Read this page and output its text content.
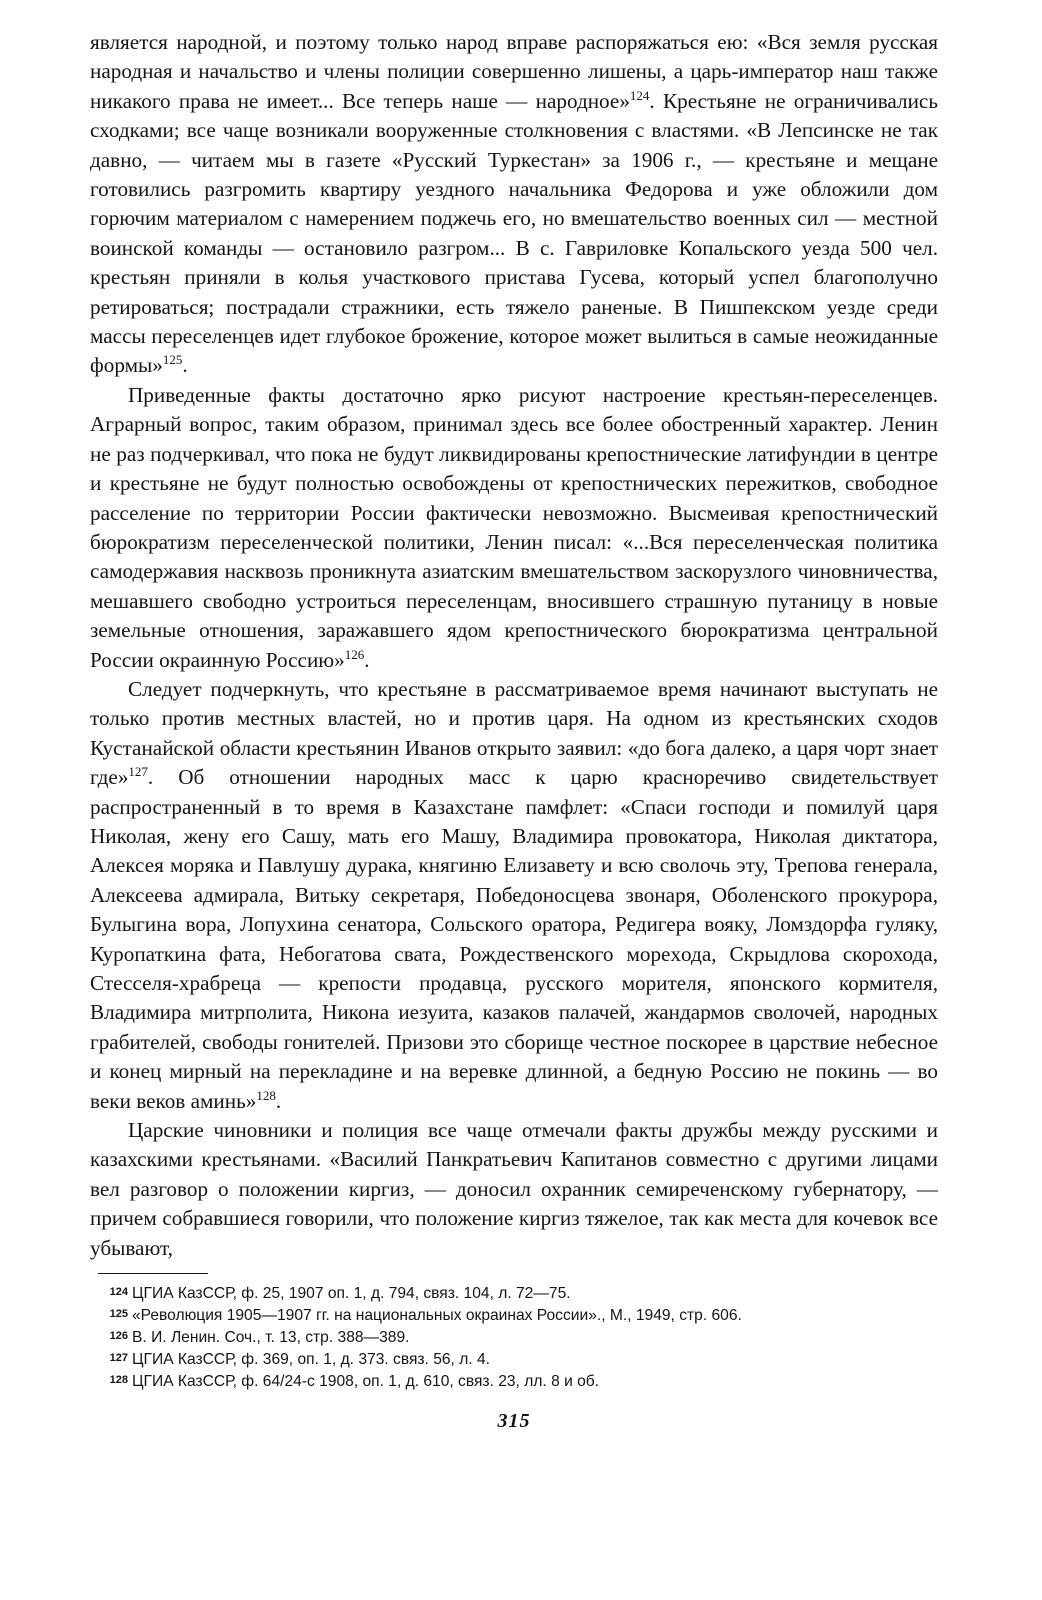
является народной, и поэтому только народ вправе распоряжаться ею: «Вся земля русская народная и начальство и члены полиции совершенно лишены, а царь-император наш также никакого права не имеет... Все теперь наше — народное»$^{124}$. Крестьяне не ограничивались сходками; все чаще возникали вооруженные столкновения с властями. «В Лепсинске не так давно, — читаем мы в газете «Русский Туркестан» за 1906 г., — крестьяне и мещане готовились разгромить квартиру уездного начальника Федорова и уже обложили дом горючим материалом с намерением поджечь его, но вмешательство военных сил — местной воинской команды — остановило разгром... В с. Гавриловке Копальского уезда 500 чел. крестьян приняли в колья участкового пристава Гусева, который успел благополучно ретироваться; пострадали стражники, есть тяжело раненые. В Пишпекском уезде среди массы переселенцев идет глубокое брожение, которое может вылиться в самые неожиданные формы»$^{125}$.

Приведенные факты достаточно ярко рисуют настроение крестьян-переселенцев. Аграрный вопрос, таким образом, принимал здесь все более обостренный характер. Ленин не раз подчеркивал, что пока не будут ликвидированы крепостнические латифундии в центре и крестьяне не будут полностью освобождены от крепостнических пережитков, свободное расселение по территории России фактически невозможно. Высмеивая крепостнический бюрократизм переселенческой политики, Ленин писал: «...Вся переселенческая политика самодержавия насквозь проникнута азиатским вмешательством заскорузлого чиновничества, мешавшего свободно устроиться переселенцам, вносившего страшную путаницу в новые земельные отношения, заражавшего ядом крепостнического бюрократизма центральной России окраинную Россию»$^{126}$.

Следует подчеркнуть, что крестьяне в рассматриваемое время начинают выступать не только против местных властей, но и против царя. На одном из крестьянских сходов Кустанайской области крестьянин Иванов открыто заявил: «до бога далеко, а царя чорт знает где»$^{127}$. Об отношении народных масс к царю красноречиво свидетельствует распространенный в то время в Казахстане памфлет: «Спаси господи и помилуй царя Николая, жену его Сашу, мать его Машу, Владимира провокатора, Николая диктатора, Алексея моряка и Павлушу дурака, княгиню Елизавету и всю сволочь эту, Трепова генерала, Алексеева адмирала, Витьку секретаря, Победоносцева звонаря, Оболенского прокурора, Булыгина вора, Лопухина сенатора, Сольского оратора, Редигера вояку, Ломздорфа гуляку, Куропаткина фата, Небогатова свата, Рождественского мореxода, Скрыдлова скорохода, Стесселя-храбреца — крепости продавца, русского морителя, японского кормителя, Владимира митрполита, Никона иезуита, казаков палачей, жандармов сволочей, народных грабителей, свободы гонителей. Призови это сборище честное поскорее в царствие небесное и конец мирный на перекладине и на веревке длинной, а бедную Россию не покинь — во веки веков аминь»$^{128}$.

Царские чиновники и полиция все чаще отмечали факты дружбы между русскими и казахскими крестьянами. «Василий Панкратьевич Капитанов совместно с другими лицами вел разговор о положении киргиз, — доносил охранник семиреченскому губернатору, — причем собравшиеся говорили, что положение киргиз тяжелое, так как места для кочевок все убывают,

124 ЦГИА КазССР, ф. 25, 1907 оп. 1, д. 794, связ. 104, л. 72—75.

125 «Революция 1905—1907 гг. на национальных окраинах России»., М., 1949, стр. 606.

126 В. И. Ленин. Соч., т. 13, стр. 388—389.

127 ЦГИА КазССР, ф. 369, оп. 1, д. 373. связ. 56, л. 4.

128 ЦГИА КазССР, ф. 64/24-с 1908, оп. 1, д. 610, связ. 23, лл. 8 и об.

315
